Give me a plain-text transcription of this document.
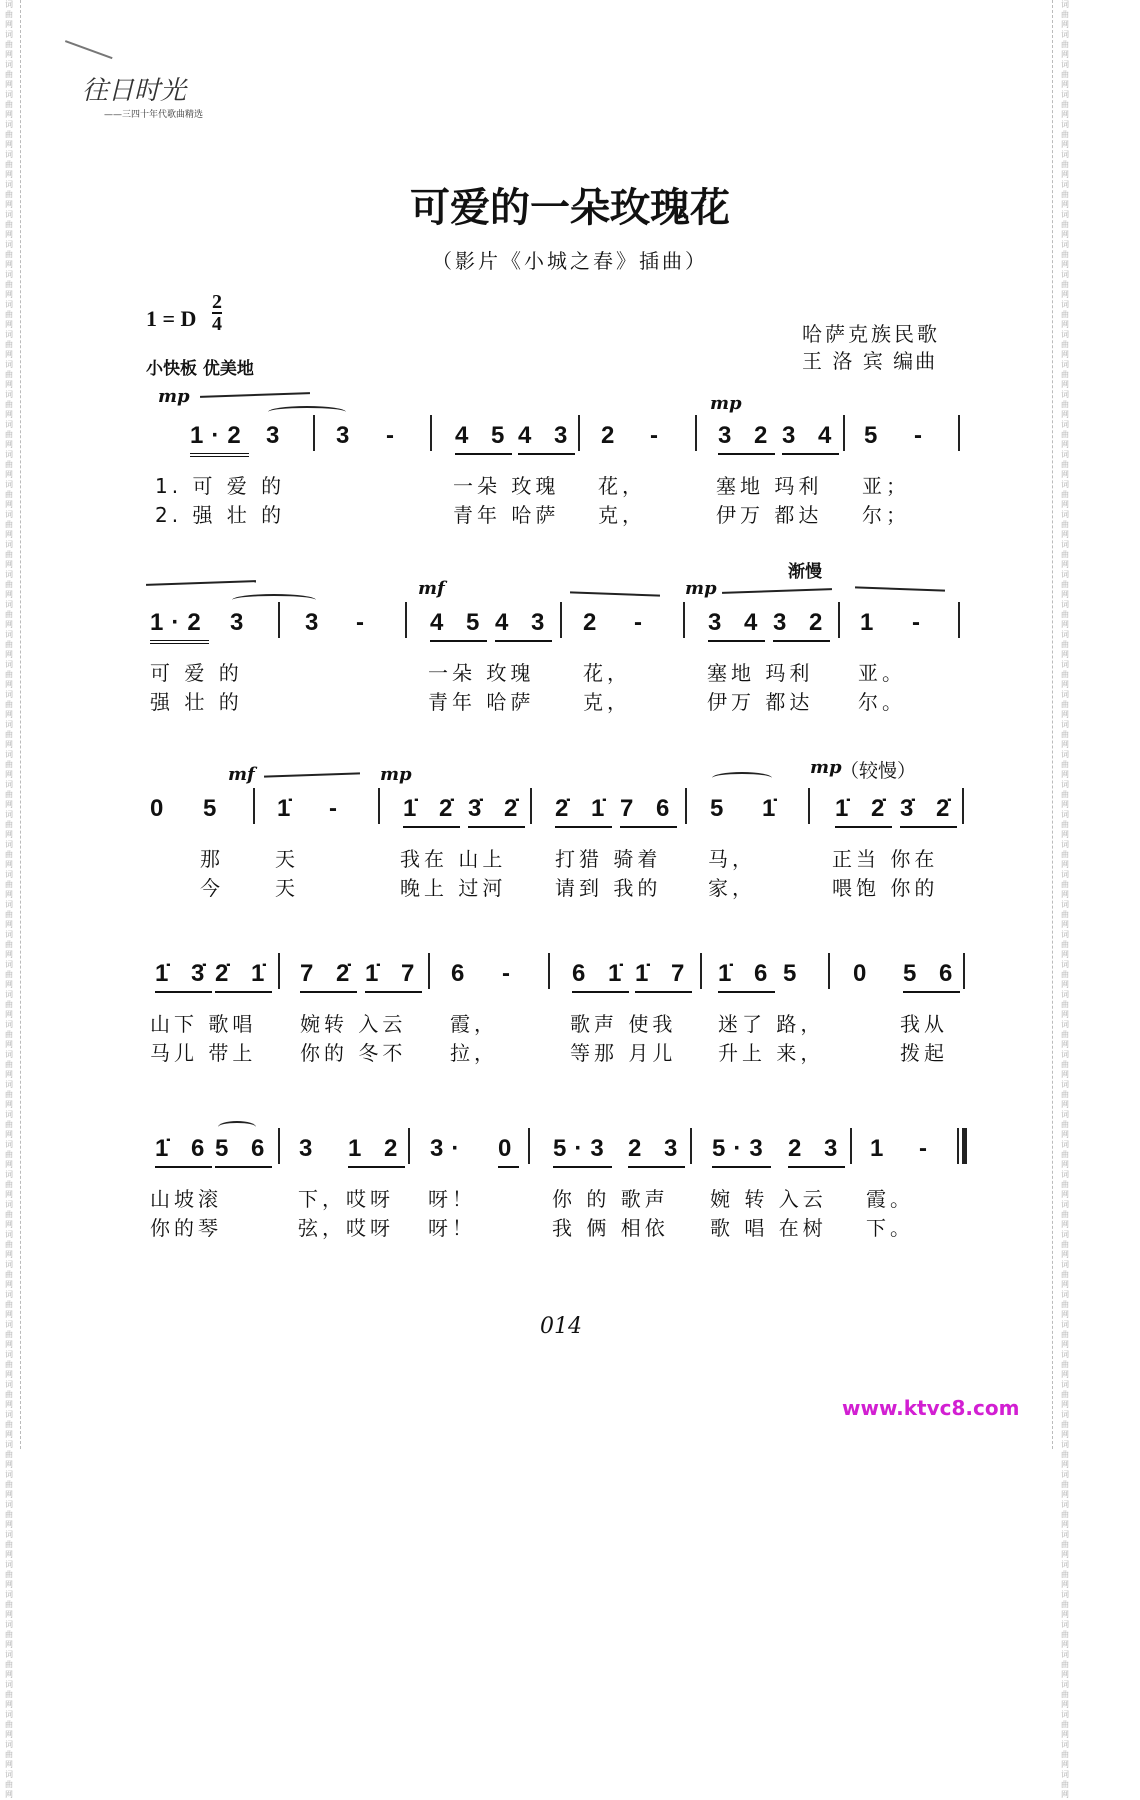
词曲网 词曲网 词曲网 词曲网 词曲网 词曲网 词曲网 词曲网 词曲网 词曲网 词曲网 词曲网 词曲网 词曲网 词曲网 词曲网 词曲网 词曲网 词曲网 词曲网 词曲网 词曲网 词曲网 词曲网 词曲网 词曲网 词曲网 词曲网 词曲网 词曲网 词曲网 词曲网 词曲网 词曲网 词曲网 词曲网 词曲网 词曲网 词曲网 词曲网 词曲网 词曲网 词曲网 词曲网 词曲网 词曲网 词曲网 词曲网 词曲网 词曲网 词曲网 词曲网 词曲网 词曲网 词曲网 词曲网 词曲网 词曲网 词曲网 词曲网
词曲网 词曲网 词曲网 词曲网 词曲网 词曲网 词曲网 词曲网 词曲网 词曲网 词曲网 词曲网 词曲网 词曲网 词曲网 词曲网 词曲网 词曲网 词曲网 词曲网 词曲网 词曲网 词曲网 词曲网 词曲网 词曲网 词曲网 词曲网 词曲网 词曲网 词曲网 词曲网 词曲网 词曲网 词曲网 词曲网 词曲网 词曲网 词曲网 词曲网 词曲网 词曲网 词曲网 词曲网 词曲网 词曲网 词曲网 词曲网 词曲网 词曲网 词曲网 词曲网 词曲网 词曲网 词曲网 词曲网 词曲网 词曲网 词曲网 词曲网
往日时光
——三四十年代歌曲精选
可爱的一朵玫瑰花
（影片《小城之春》插曲）
1 = D
2
4
小快板 优美地
哈萨克族民歌
王 洛 宾 编曲
mp	mp
1·2 3 3 - 4 5 4 3 2 - 3 2 3 4 5 -
1. 可 爱 的	一朵 玫瑰 花，	塞地 玛利 亚；
2. 强 壮 的	青年 哈萨 克，	伊万 都达 尔；
mf	mp
渐慢
1·2 3 3 - 4 5 4 3 2 - 3 4 3 2 1 -
可 爱 的	一朵 玫瑰 花，	塞地 玛利 亚。
强 壮 的	青年 哈萨 克，	伊万 都达 尔。
mf	mp	mp
（较慢）
0 5 1̇ - 1̇ 2̇ 3̇ 2̇ 2̇ 1̇ 7 6 5 1̇ 1̇ 2̇ 3̇ 2̇
那	天	我在 山上 打猎 骑着 马，	正当 你在
今	天	晚上 过河 请到 我的 家，	喂饱 你的
1̇ 3̇ 2̇ 1̇ 7 2̇ 1̇ 7 6 - 6 1̇ 1̇ 7 1̇ 6 5 0 5 6
山下 歌唱 婉转 入云 霞，	歌声 使我 迷了 路，	我从
马儿 带上 你的 冬不 拉，	等那 月儿 升上 来，	拨起
1̇ 6 5 6 3 1 2 3· 0 5·3 2 3 5·3 2 3 1 -
山坡滚	下，哎呀 呀！	你 的 歌声 婉 转 入云 霞。
你的琴	弦，哎呀 呀！	我 俩 相依 歌 唱 在树 下。
014
www.ktvc8.com
